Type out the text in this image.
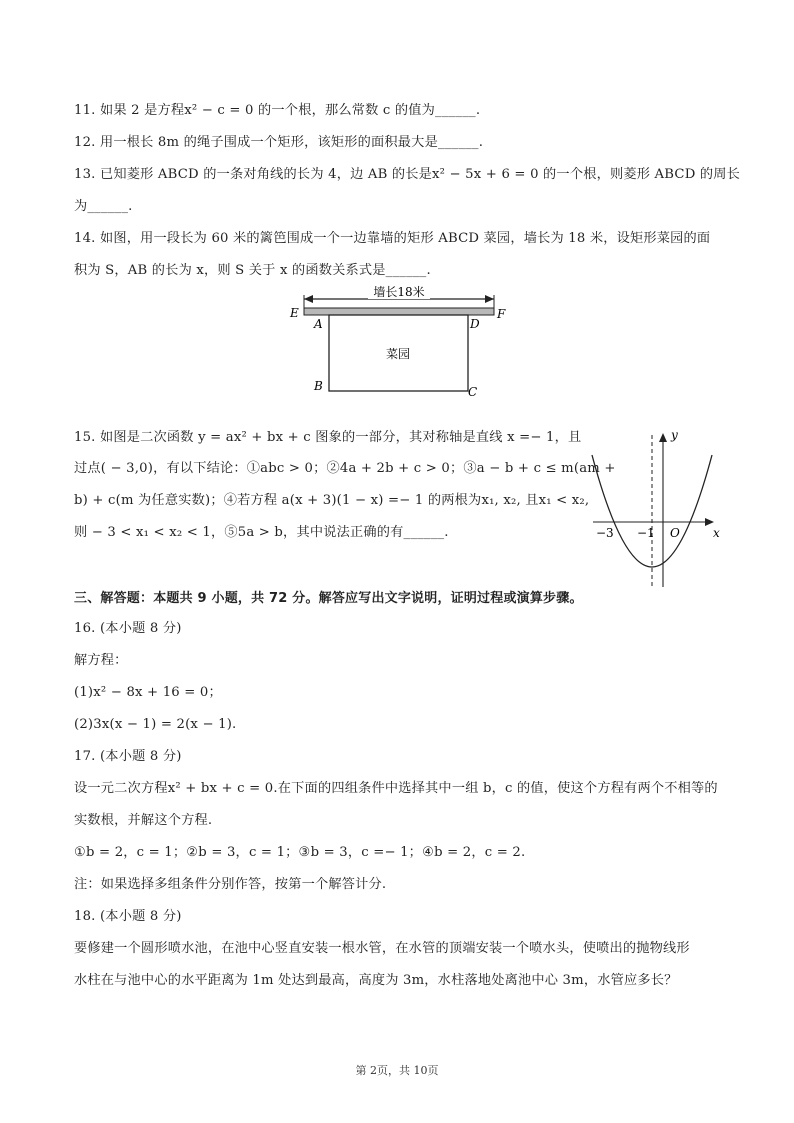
11. 如果 2 是方程x² − c = 0 的一个根，那么常数 c 的值为______.
12. 用一根长 8m 的绳子围成一个矩形，该矩形的面积最大是______.
13. 已知菱形 ABCD 的一条对角线的长为 4，边 AB 的长是x² − 5x + 6 = 0 的一个根，则菱形 ABCD 的周长
为______.
14. 如图，用一段长为 60 米的篱笆围成一个一边靠墙的矩形 ABCD 菜园，墙长为 18 米，设矩形菜园的面
积为 S，AB 的长为 x，则 S 关于 x 的函数关系式是______.
墙长18米
菜园
E
A	D
F
B	C
15. 如图是二次函数 y = ax² + bx + c 图象的一部分，其对称轴是直线 x =− 1，且
过点( − 3,0)，有以下结论：①abc > 0；②4a + 2b + c > 0；③a − b + c ≤ m(am +
b) + c(m 为任意实数)；④若方程 a(x + 3)(1 − x) =− 1 的两根为x₁, x₂, 且x₁ < x₂,
则 − 3 < x₁ < x₂ < 1，⑤5a > b，其中说法正确的有______.
y
x
−3 −1 O
三、解答题：本题共 9 小题，共 72 分。解答应写出文字说明，证明过程或演算步骤。
16. (本小题 8 分)
解方程：
(1)x² − 8x + 16 = 0；
(2)3x(x − 1) = 2(x − 1).
17. (本小题 8 分)
设一元二次方程x² + bx + c = 0.在下面的四组条件中选择其中一组 b，c 的值，使这个方程有两个不相等的
实数根，并解这个方程.
①b = 2，c = 1；②b = 3，c = 1；③b = 3，c =− 1；④b = 2，c = 2.
注：如果选择多组条件分别作答，按第一个解答计分.
18. (本小题 8 分)
要修建一个圆形喷水池，在池中心竖直安装一根水管，在水管的顶端安装一个喷水头，使喷出的抛物线形
水柱在与池中心的水平距离为 1m 处达到最高，高度为 3m，水柱落地处离池中心 3m，水管应多长？
第 2页，共 10页
